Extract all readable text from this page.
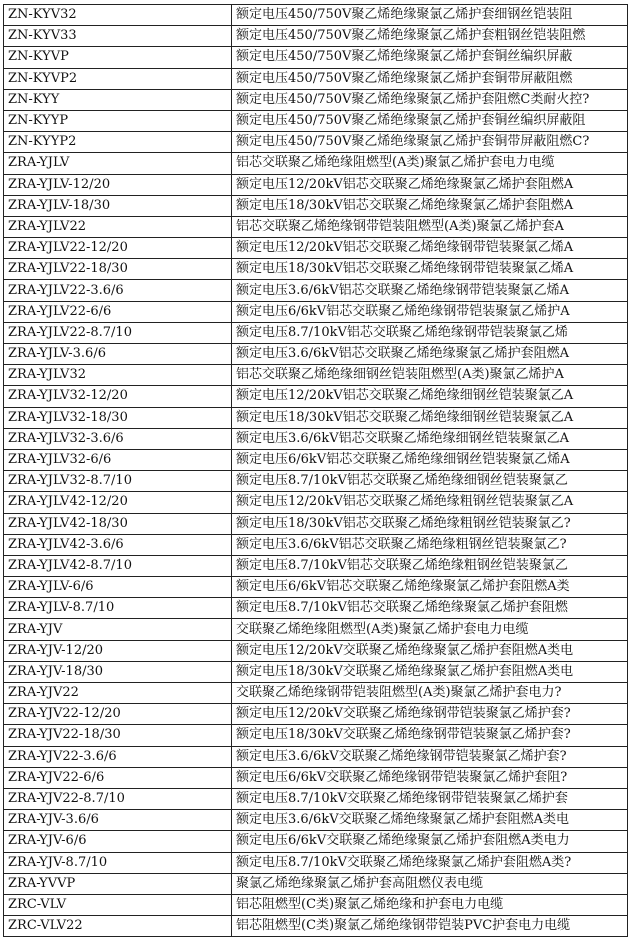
ZN-KYV32	额定电压450/750V聚乙烯绝缘聚氯乙烯护套细钢丝铠装阻
ZN-KYV33	额定电压450/750V聚乙烯绝缘聚氯乙烯护套粗钢丝铠装阻燃
ZN-KYVP	额定电压450/750V聚乙烯绝缘聚氯乙烯护套铜丝编织屏蔽
ZN-KYVP2	额定电压450/750V聚乙烯绝缘聚氯乙烯护套铜带屏蔽阻燃
ZN-KYY	额定电压450/750V聚乙烯绝缘聚氯乙烯护套阻燃C类耐火控?
ZN-KYYP	额定电压450/750V聚乙烯绝缘聚氯乙烯护套铜丝编织屏蔽阻
ZN-KYYP2	额定电压450/750V聚乙烯绝缘聚氯乙烯护套铜带屏蔽阻燃C?
ZRA-YJLV	铝芯交联聚乙烯绝缘阻燃型(A类)聚氯乙烯护套电力电缆
ZRA-YJLV-12/20	额定电压12/20kV铝芯交联聚乙烯绝缘聚氯乙烯护套阻燃A
ZRA-YJLV-18/30	额定电压18/30kV铝芯交联聚乙烯绝缘聚氯乙烯护套阻燃A
ZRA-YJLV22	铝芯交联聚乙烯绝缘钢带铠装阻燃型(A类)聚氯乙烯护套A
ZRA-YJLV22-12/20	额定电压12/20kV铝芯交联聚乙烯绝缘钢带铠装聚氯乙烯A
ZRA-YJLV22-18/30	额定电压18/30kV铝芯交联聚乙烯绝缘钢带铠装聚氯乙烯A
ZRA-YJLV22-3.6/6	额定电压3.6/6kV铝芯交联聚乙烯绝缘钢带铠装聚氯乙烯A
ZRA-YJLV22-6/6	额定电压6/6kV铝芯交联聚乙烯绝缘钢带铠装聚氯乙烯护A
ZRA-YJLV22-8.7/10	额定电压8.7/10kV铝芯交联聚乙烯绝缘钢带铠装聚氯乙烯
ZRA-YJLV-3.6/6	额定电压3.6/6kV铝芯交联聚乙烯绝缘聚氯乙烯护套阻燃A
ZRA-YJLV32	铝芯交联聚乙烯绝缘细钢丝铠装阻燃型(A类)聚氯乙烯护A
ZRA-YJLV32-12/20	额定电压12/20kV铝芯交联聚乙烯绝缘细钢丝铠装聚氯乙A
ZRA-YJLV32-18/30	额定电压18/30kV铝芯交联聚乙烯绝缘细钢丝铠装聚氯乙A
ZRA-YJLV32-3.6/6	额定电压3.6/6kV铝芯交联聚乙烯绝缘细钢丝铠装聚氯乙A
ZRA-YJLV32-6/6	额定电压6/6kV铝芯交联聚乙烯绝缘细钢丝铠装聚氯乙烯A
ZRA-YJLV32-8.7/10	额定电压8.7/10kV铝芯交联聚乙烯绝缘细钢丝铠装聚氯乙
ZRA-YJLV42-12/20	额定电压12/20kV铝芯交联聚乙烯绝缘粗钢丝铠装聚氯乙A
ZRA-YJLV42-18/30	额定电压18/30kV铝芯交联聚乙烯绝缘粗钢丝铠装聚氯乙?
ZRA-YJLV42-3.6/6	额定电压3.6/6kV铝芯交联聚乙烯绝缘粗钢丝铠装聚氯乙?
ZRA-YJLV42-8.7/10	额定电压8.7/10kV铝芯交联聚乙烯绝缘粗钢丝铠装聚氯乙
ZRA-YJLV-6/6	额定电压6/6kV铝芯交联聚乙烯绝缘聚氯乙烯护套阻燃A类
ZRA-YJLV-8.7/10	额定电压8.7/10kV铝芯交联聚乙烯绝缘聚氯乙烯护套阻燃
ZRA-YJV	交联聚乙烯绝缘阻燃型(A类)聚氯乙烯护套电力电缆
ZRA-YJV-12/20	额定电压12/20kV交联聚乙烯绝缘聚氯乙烯护套阻燃A类电
ZRA-YJV-18/30	额定电压18/30kV交联聚乙烯绝缘聚氯乙烯护套阻燃A类电
ZRA-YJV22	交联聚乙烯绝缘钢带铠装阻燃型(A类)聚氯乙烯护套电力?
ZRA-YJV22-12/20	额定电压12/20kV交联聚乙烯绝缘钢带铠装聚氯乙烯护套?
ZRA-YJV22-18/30	额定电压18/30kV交联聚乙烯绝缘钢带铠装聚氯乙烯护套?
ZRA-YJV22-3.6/6	额定电压3.6/6kV交联聚乙烯绝缘钢带铠装聚氯乙烯护套?
ZRA-YJV22-6/6	额定电压6/6kV交联聚乙烯绝缘钢带铠装聚氯乙烯护套阻?
ZRA-YJV22-8.7/10	额定电压8.7/10kV交联聚乙烯绝缘钢带铠装聚氯乙烯护套
ZRA-YJV-3.6/6	额定电压3.6/6kV交联聚乙烯绝缘聚氯乙烯护套阻燃A类电
ZRA-YJV-6/6	额定电压6/6kV交联聚乙烯绝缘聚氯乙烯护套阻燃A类电力
ZRA-YJV-8.7/10	额定电压8.7/10kV交联聚乙烯绝缘聚氯乙烯护套阻燃A类?
ZRA-YVVP	聚氯乙烯绝缘聚氯乙烯护套高阻燃仪表电缆
ZRC-VLV	铝芯阻燃型(C类)聚氯乙烯绝缘和护套电力电缆
ZRC-VLV22	铝芯阻燃型(C类)聚氯乙烯绝缘钢带铠装PVC护套电力电缆
